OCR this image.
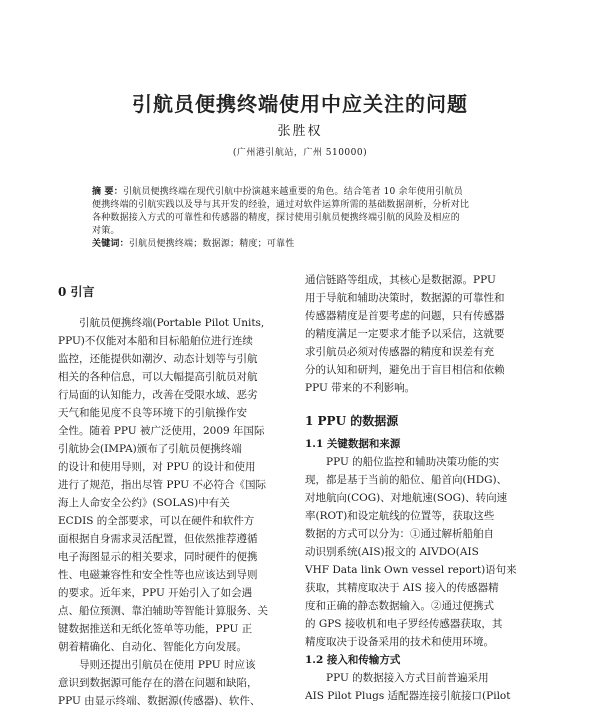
引航员便携终端使用中应关注的问题
张胜权
(广州港引航站，广州 510000)
摘 要：引航员便携终端在现代引航中扮演越来越重要的角色。结合笔者 10 余年使用引航员
便携终端的引航实践以及导与其开发的经验，通过对软件运算所需的基础数据剖析，分析对比
各种数据接入方式的可靠性和传感器的精度，探讨使用引航员便携终端引航的风险及相应的
对策。
关键词：引航员便携终端；数据源；精度；可靠性
0 引言
引航员便携终端(Portable Pilot Units,
PPU)不仅能对本船和目标船舶位进行连续
监控，还能提供如潮汐、动态计划等与引航
相关的各种信息，可以大幅提高引航员对航
行局面的认知能力，改善在受限水域、恶劣
天气和能见度不良等环境下的引航操作安
全性。随着 PPU 被广泛使用，2009 年国际
引航协会(IMPA)颁布了引航员便携终端
的设计和使用导则，对 PPU 的设计和使用
进行了规范，指出尽管 PPU 不必符合《国际
海上人命安全公约》(SOLAS)中有关
ECDIS 的全部要求，可以在硬件和软件方
面根据自身需求灵活配置，但依然推荐遵循
电子海图显示的相关要求，同时硬件的便携
性、电磁兼容性和安全性等也应该达到导则
的要求。近年来，PPU 开始引入了如会遇
点、船位预测、靠泊辅助等智能计算服务、关
键数据推送和无纸化签单等功能，PPU 正
朝着精确化、自动化、智能化方向发展。
导则还提出引航员在使用 PPU 时应该
意识到数据源可能存在的潜在问题和缺陷，
PPU 由显示终端、数据源(传感器)、软件、
通信链路等组成，其核心是数据源。PPU
用于导航和辅助决策时，数据源的可靠性和
传感器精度是首要考虑的问题，只有传感器
的精度满足一定要求才能予以采信，这就要
求引航员必须对传感器的精度和误差有充
分的认知和研判，避免出于盲目相信和依赖
PPU 带来的不利影响。
1 PPU 的数据源
1.1 关键数据和来源
PPU 的船位监控和辅助决策功能的实
现，都是基于当前的船位、船首向(HDG)、
对地航向(COG)、对地航速(SOG)、转向速
率(ROT)和设定航线的位置等，获取这些
数据的方式可以分为：①通过解析船舶自
动识别系统(AIS)报文的 AIVDO(AIS
VHF Data link Own vessel report)语句来
获取，其精度取决于 AIS 接入的传感器精
度和正确的静态数据输入。②通过便携式
的 GPS 接收机和电子罗经传感器获取，其
精度取决于设备采用的技术和使用环境。
1.2 接入和传输方式
PPU 的数据接入方式目前普遍采用
AIS Pilot Plugs 适配器连接引航接口(Pilot
